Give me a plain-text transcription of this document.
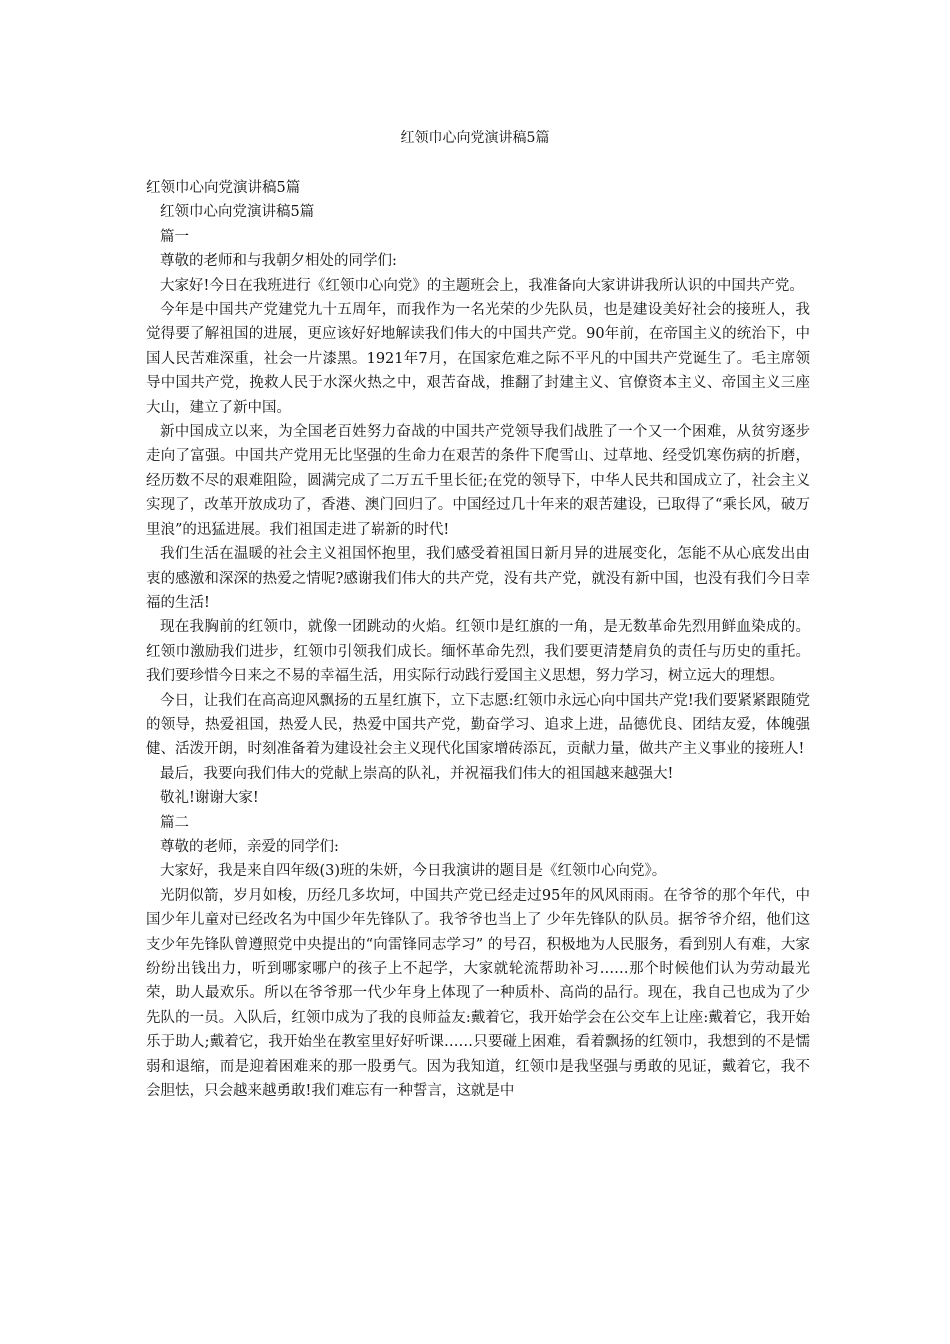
红领巾心向党演讲稿5篇

红领巾心向党演讲稿5篇

红领巾心向党演讲稿5篇

篇一

尊敬的老师和与我朝夕相处的同学们:

大家好!今日在我班进行《红领巾心向党》的主题班会上，我准备向大家讲讲我所认识的中国共产党。

今年是中国共产党建党九十五周年，而我作为一名光荣的少先队员，也是建设美好社会的接班人，我觉得要了解祖国的进展，更应该好好地解读我们伟大的中国共产党。90年前，在帝国主义的统治下，中国人民苦难深重，社会一片漆黑。1921年7月，在国家危难之际不平凡的中国共产党诞生了。毛主席领导中国共产党，挽救人民于水深火热之中，艰苦奋战，推翻了封建主义、官僚资本主义、帝国主义三座大山，建立了新中国。

新中国成立以来，为全国老百姓努力奋战的中国共产党领导我们战胜了一个又一个困难，从贫穷逐步走向了富强。中国共产党用无比坚强的生命力在艰苦的条件下爬雪山、过草地、经受饥寒伤病的折磨，经历数不尽的艰难阻险，圆满完成了二万五千里长征;在党的领导下，中华人民共和国成立了，社会主义实现了，改革开放成功了，香港、澳门回归了。中国经过几十年来的艰苦建设，已取得了“乘长风，破万里浪”的迅猛进展。我们祖国走进了崭新的时代!

我们生活在温暖的社会主义祖国怀抱里，我们感受着祖国日新月异的进展变化，怎能不从心底发出由衷的感激和深深的热爱之情呢?感谢我们伟大的共产党，没有共产党，就没有新中国，也没有我们今日幸福的生活!

现在我胸前的红领巾，就像一团跳动的火焰。红领巾是红旗的一角，是无数革命先烈用鲜血染成的。红领巾激励我们进步，红领巾引领我们成长。缅怀革命先烈，我们要更清楚肩负的责任与历史的重托。我们要珍惜今日来之不易的幸福生活，用实际行动践行爱国主义思想，努力学习，树立远大的理想。

今日，让我们在高高迎风飘扬的五星红旗下，立下志愿:红领巾永远心向中国共产党!我们要紧紧跟随党的领导，热爱祖国，热爱人民，热爱中国共产党，勤奋学习、追求上进，品德优良、团结友爱，体魄强健、活泼开朗，时刻准备着为建设社会主义现代化国家增砖添瓦，贡献力量，做共产主义事业的接班人!

最后，我要向我们伟大的党献上崇高的队礼，并祝福我们伟大的祖国越来越强大!

敬礼!谢谢大家!

篇二

尊敬的老师，亲爱的同学们:

大家好，我是来自四年级(3)班的朱妍，今日我演讲的题目是《红领巾心向党》。

光阴似箭，岁月如梭，历经几多坎坷，中国共产党已经走过95年的风风雨雨。在爷爷的那个年代，中国少年儿童对已经改名为中国少年先锋队了。我爷爷也当上了 少年先锋队的队员。据爷爷介绍，他们这支少年先锋队曾遵照党中央提出的“向雷锋同志学习” 的号召，积极地为人民服务，看到别人有难，大家纷纷出钱出力，听到哪家哪户的孩子上不起学，大家就轮流帮助补习……那个时候他们认为劳动最光荣，助人最欢乐。所以在爷爷那一代少年身上体现了一种质朴、高尚的品行。现在，我自己也成为了少先队的一员。入队后，红领巾成为了我的良师益友:戴着它，我开始学会在公交车上让座:戴着它，我开始乐于助人;戴着它，我开始坐在教室里好好听课……只要碰上困难，看着飘扬的红领巾，我想到的不是懦弱和退缩，而是迎着困难来的那一股勇气。因为我知道，红领巾是我坚强与勇敢的见证，戴着它，我不会胆怯，只会越来越勇敢!我们难忘有一种誓言，这就是中
